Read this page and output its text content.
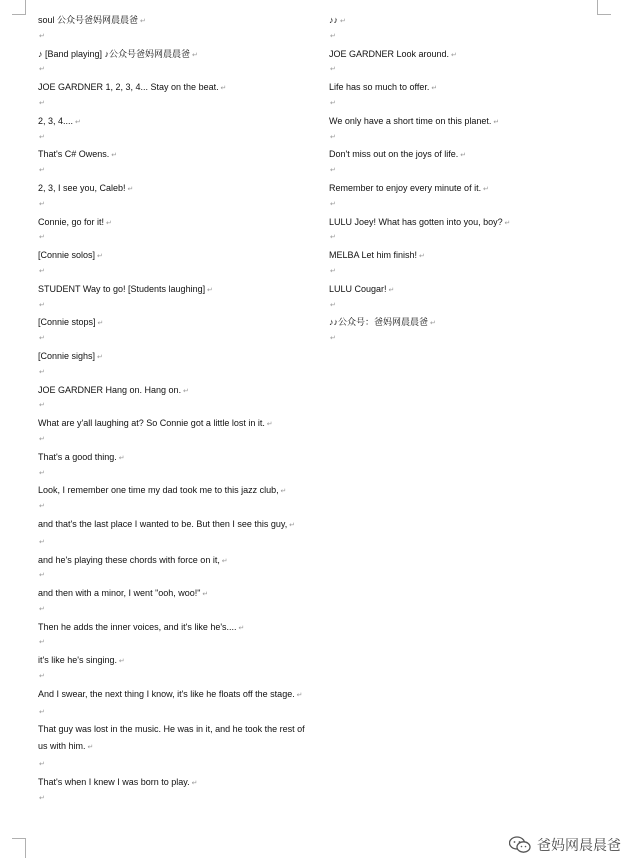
soul 公众号爸妈网晨晨爸 ↵
↵
♪ [Band playing] ♪公众号爸妈网晨晨爸 ↵
↵
JOE GARDNER 1, 2, 3, 4... Stay on the beat. ↵
↵
2, 3, 4.... ↵
↵
That's C# Owens. ↵
↵
2, 3, I see you, Caleb! ↵
↵
Connie, go for it! ↵
↵
[Connie solos] ↵
↵
STUDENT Way to go! [Students laughing] ↵
↵
[Connie stops] ↵
↵
[Connie sighs] ↵
↵
JOE GARDNER Hang on. Hang on. ↵
↵
What are y'all laughing at? So Connie got a little lost in it. ↵
↵
That's a good thing. ↵
↵
Look, I remember one time my dad took me to this jazz club, ↵
↵
and that's the last place I wanted to be. But then I see this guy, ↵
↵
and he's playing these chords with force on it, ↵
↵
and then with a minor, I went "ooh, woo!" ↵
↵
Then he adds the inner voices, and it's like he's.... ↵
↵
it's like he's singing. ↵
↵
And I swear, the next thing I know, it's like he floats off the stage. ↵
↵
That guy was lost in the music. He was in it, and he took the rest of us with him. ↵
↵
That's when I knew I was born to play. ↵
↵
♪♪ ↵
↵
JOE GARDNER Look around. ↵
↵
Life has so much to offer. ↵
↵
We only have a short time on this planet. ↵
↵
Don't miss out on the joys of life. ↵
↵
Remember to enjoy every minute of it. ↵
↵
LULU Joey! What has gotten into you, boy? ↵
↵
MELBA Let him finish! ↵
↵
LULU Cougar! ↵
↵
♪♪公众号：爸妈网晨晨爸 ↵
↵
爸妈网晨晨爸
